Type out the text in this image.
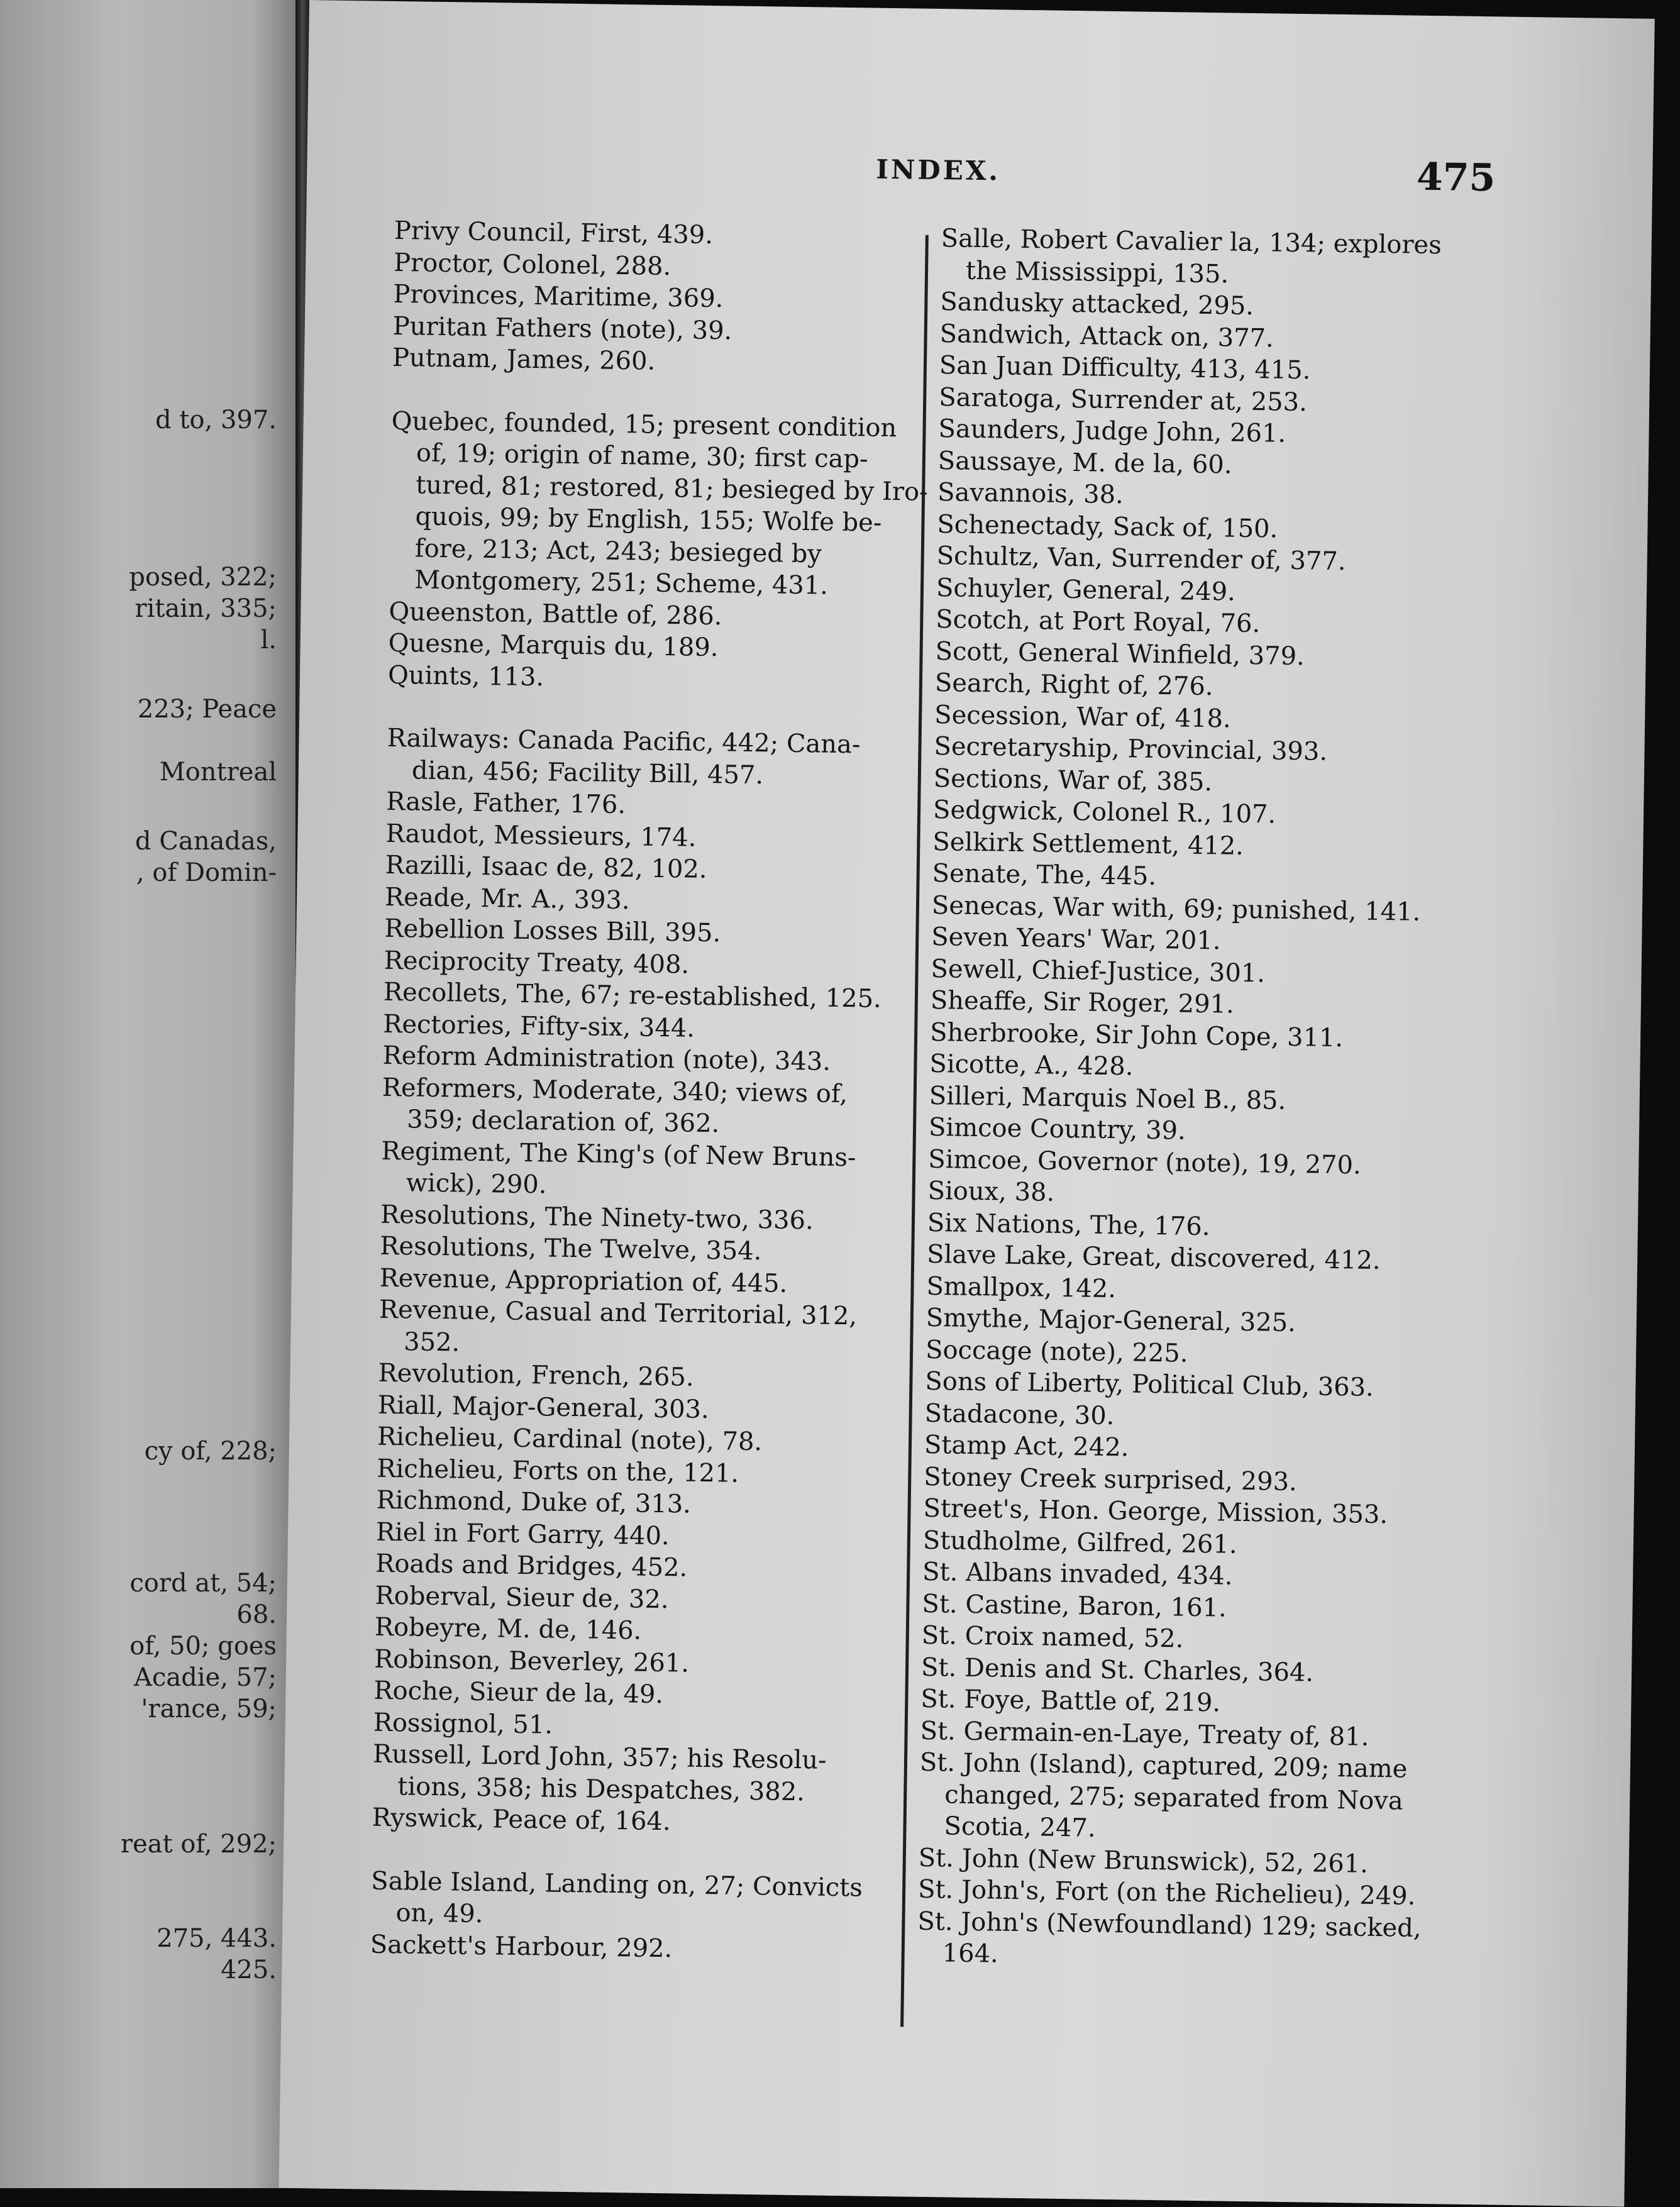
d to, 397.
posed, 322;
ritain, 335;
l.
223; Peace
Montreal
d Canadas,
, of Domin-
cy of, 228;
cord at, 54;
68.
of, 50; goes
Acadie, 57;
'rance, 59;
reat of, 292;
275, 443.
425.
INDEX.	475
Privy Council, First, 439.
Proctor, Colonel, 288.
Provinces, Maritime, 369.
Puritan Fathers (note), 39.
Putnam, James, 260.
Quebec, founded, 15; present condition
of, 19; origin of name, 30; first cap-
tured, 81; restored, 81; besieged by Iro-
quois, 99; by English, 155; Wolfe be-
fore, 213; Act, 243; besieged by
Montgomery, 251; Scheme, 431.
Queenston, Battle of, 286.
Quesne, Marquis du, 189.
Quints, 113.
Railways: Canada Pacific, 442; Cana-
dian, 456; Facility Bill, 457.
Rasle, Father, 176.
Raudot, Messieurs, 174.
Razilli, Isaac de, 82, 102.
Reade, Mr. A., 393.
Rebellion Losses Bill, 395.
Reciprocity Treaty, 408.
Recollets, The, 67; re-established, 125.
Rectories, Fifty-six, 344.
Reform Administration (note), 343.
Reformers, Moderate, 340; views of,
359; declaration of, 362.
Regiment, The King's (of New Bruns-
wick), 290.
Resolutions, The Ninety-two, 336.
Resolutions, The Twelve, 354.
Revenue, Appropriation of, 445.
Revenue, Casual and Territorial, 312,
352.
Revolution, French, 265.
Riall, Major-General, 303.
Richelieu, Cardinal (note), 78.
Richelieu, Forts on the, 121.
Richmond, Duke of, 313.
Riel in Fort Garry, 440.
Roads and Bridges, 452.
Roberval, Sieur de, 32.
Robeyre, M. de, 146.
Robinson, Beverley, 261.
Roche, Sieur de la, 49.
Rossignol, 51.
Russell, Lord John, 357; his Resolu-
tions, 358; his Despatches, 382.
Ryswick, Peace of, 164.
Sable Island, Landing on, 27; Convicts
on, 49.
Sackett's Harbour, 292.
Salle, Robert Cavalier la, 134; explores
the Mississippi, 135.
Sandusky attacked, 295.
Sandwich, Attack on, 377.
San Juan Difficulty, 413, 415.
Saratoga, Surrender at, 253.
Saunders, Judge John, 261.
Saussaye, M. de la, 60.
Savannois, 38.
Schenectady, Sack of, 150.
Schultz, Van, Surrender of, 377.
Schuyler, General, 249.
Scotch, at Port Royal, 76.
Scott, General Winfield, 379.
Search, Right of, 276.
Secession, War of, 418.
Secretaryship, Provincial, 393.
Sections, War of, 385.
Sedgwick, Colonel R., 107.
Selkirk Settlement, 412.
Senate, The, 445.
Senecas, War with, 69; punished, 141.
Seven Years' War, 201.
Sewell, Chief-Justice, 301.
Sheaffe, Sir Roger, 291.
Sherbrooke, Sir John Cope, 311.
Sicotte, A., 428.
Silleri, Marquis Noel B., 85.
Simcoe Country, 39.
Simcoe, Governor (note), 19, 270.
Sioux, 38.
Six Nations, The, 176.
Slave Lake, Great, discovered, 412.
Smallpox, 142.
Smythe, Major-General, 325.
Soccage (note), 225.
Sons of Liberty, Political Club, 363.
Stadacone, 30.
Stamp Act, 242.
Stoney Creek surprised, 293.
Street's, Hon. George, Mission, 353.
Studholme, Gilfred, 261.
St. Albans invaded, 434.
St. Castine, Baron, 161.
St. Croix named, 52.
St. Denis and St. Charles, 364.
St. Foye, Battle of, 219.
St. Germain-en-Laye, Treaty of, 81.
St. John (Island), captured, 209; name
changed, 275; separated from Nova
Scotia, 247.
St. John (New Brunswick), 52, 261.
St. John's, Fort (on the Richelieu), 249.
St. John's (Newfoundland) 129; sacked,
164.
